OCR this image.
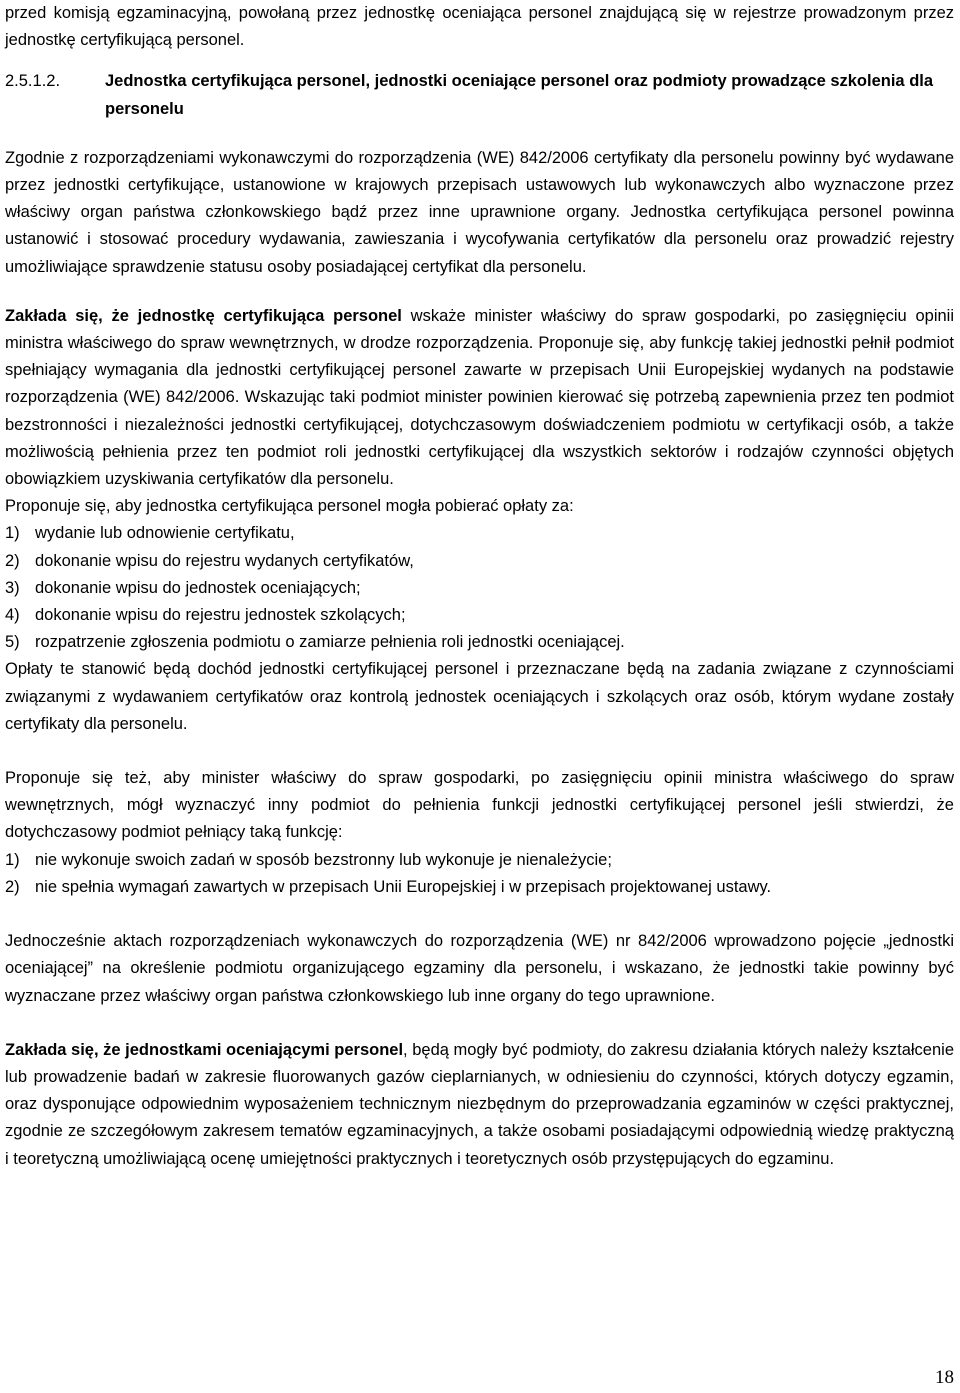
przed komisją egzaminacyjną, powołaną przez jednostkę oceniająca personel znajdującą się w rejestrze prowadzonym przez jednostkę certyfikującą personel.

2.5.1.2.	Jednostka certyfikująca personel, jednostki oceniające personel oraz podmioty prowadzące szkolenia dla personelu

Zgodnie z rozporządzeniami wykonawczymi do rozporządzenia (WE) 842/2006 certyfikaty dla personelu powinny być wydawane przez jednostki certyfikujące, ustanowione w krajowych przepisach ustawowych lub wykonawczych albo wyznaczone przez właściwy organ państwa członkowskiego bądź przez inne uprawnione organy. Jednostka certyfikująca personel powinna ustanowić i stosować procedury wydawania, zawieszania i wycofywania certyfikatów dla personelu oraz prowadzić rejestry umożliwiające sprawdzenie statusu osoby posiadającej certyfikat dla personelu.

Zakłada się, że jednostkę certyfikująca personel wskaże minister właściwy do spraw gospodarki, po zasięgnięciu opinii ministra właściwego do spraw wewnętrznych, w drodze rozporządzenia. Proponuje się, aby funkcję takiej jednostki pełnił podmiot spełniający wymagania dla jednostki certyfikującej personel zawarte w przepisach Unii Europejskiej wydanych na podstawie rozporządzenia (WE) 842/2006. Wskazując taki podmiot minister powinien kierować się potrzebą zapewnienia przez ten podmiot bezstronności i niezależności jednostki certyfikującej, dotychczasowym doświadczeniem podmiotu w certyfikacji osób, a także możliwością pełnienia przez ten podmiot roli jednostki certyfikującej dla wszystkich sektorów i rodzajów czynności objętych obowiązkiem uzyskiwania certyfikatów dla personelu.

Proponuje się, aby jednostka certyfikująca personel mogła pobierać opłaty za:

1) wydanie lub odnowienie certyfikatu,
2) dokonanie wpisu do rejestru wydanych certyfikatów,
3) dokonanie wpisu do jednostek oceniających;
4) dokonanie wpisu do rejestru jednostek szkolących;
5) rozpatrzenie zgłoszenia podmiotu o zamiarze pełnienia roli jednostki oceniającej.

Opłaty te stanowić będą dochód jednostki certyfikującej personel i przeznaczane będą na zadania związane z czynnościami związanymi z wydawaniem certyfikatów oraz kontrolą jednostek oceniających i szkolących oraz osób, którym wydane zostały certyfikaty dla personelu.

Proponuje się też, aby minister właściwy do spraw gospodarki, po zasięgnięciu opinii ministra właściwego do spraw wewnętrznych, mógł wyznaczyć inny podmiot do pełnienia funkcji jednostki certyfikującej personel jeśli stwierdzi, że dotychczasowy podmiot pełniący taką funkcję:

1) nie wykonuje swoich zadań w sposób bezstronny lub wykonuje je nienależycie;
2) nie spełnia wymagań zawartych w przepisach Unii Europejskiej i w przepisach projektowanej ustawy.

Jednocześnie aktach rozporządzeniach wykonawczych do rozporządzenia (WE) nr 842/2006 wprowadzono pojęcie „jednostki oceniającej” na określenie podmiotu organizującego egzaminy dla personelu, i wskazano, że jednostki takie powinny być wyznaczane przez właściwy organ państwa członkowskiego lub inne organy do tego uprawnione.

Zakłada się, że jednostkami oceniającymi personel, będą mogły być podmioty, do zakresu działania których należy kształcenie lub prowadzenie badań w zakresie fluorowanych gazów cieplarnianych, w odniesieniu do czynności, których dotyczy egzamin, oraz dysponujące odpowiednim wyposażeniem technicznym niezbędnym do przeprowadzania egzaminów w części praktycznej, zgodnie ze szczegółowym zakresem tematów egzaminacyjnych, a także osobami posiadającymi odpowiednią wiedzę praktyczną i teoretyczną umożliwiającą ocenę umiejętności praktycznych i teoretycznych osób przystępujących do egzaminu.

18
